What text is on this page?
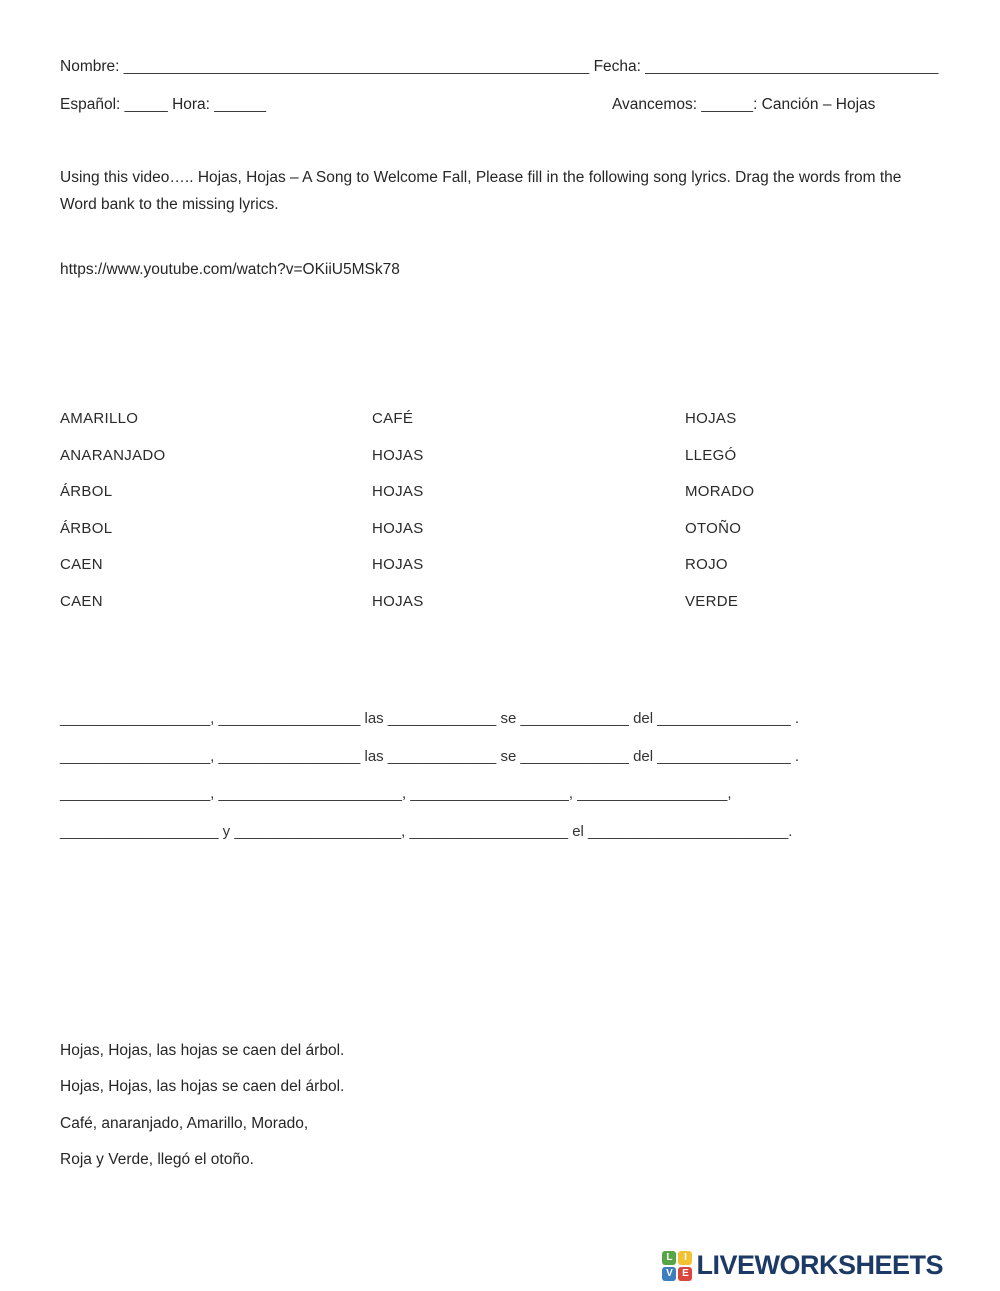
Nombre: ______________________________________________________ Fecha: __________________________________
Español: _____ Hora: ______	Avancemos: ______: Canción – Hojas
Using this video….. Hojas, Hojas – A Song to Welcome Fall, Please fill in the following song lyrics. Drag the words from the Word bank to the missing lyrics.
https://www.youtube.com/watch?v=OKiiU5MSk78
AMARILLO	CAFÉ	HOJAS
ANARANJADO	HOJAS	LLEGÓ
ÁRBOL	HOJAS	MORADO
ÁRBOL	HOJAS	OTOÑO
CAEN	HOJAS	ROJO
CAEN	HOJAS	VERDE
__________________, _________________ las _____________ se _____________ del ________________ .
__________________, _________________ las _____________ se _____________ del ________________ .
__________________, ______________________, ___________________, __________________,
___________________ y ____________________, ___________________ el ________________________.
Hojas, Hojas, las hojas se caen del árbol.
Hojas, Hojas, las hojas se caen del árbol.
Café, anaranjado, Amarillo, Morado,
Roja y Verde, llegó el otoño.
L	I
V E LIVEWORKSHEETS
